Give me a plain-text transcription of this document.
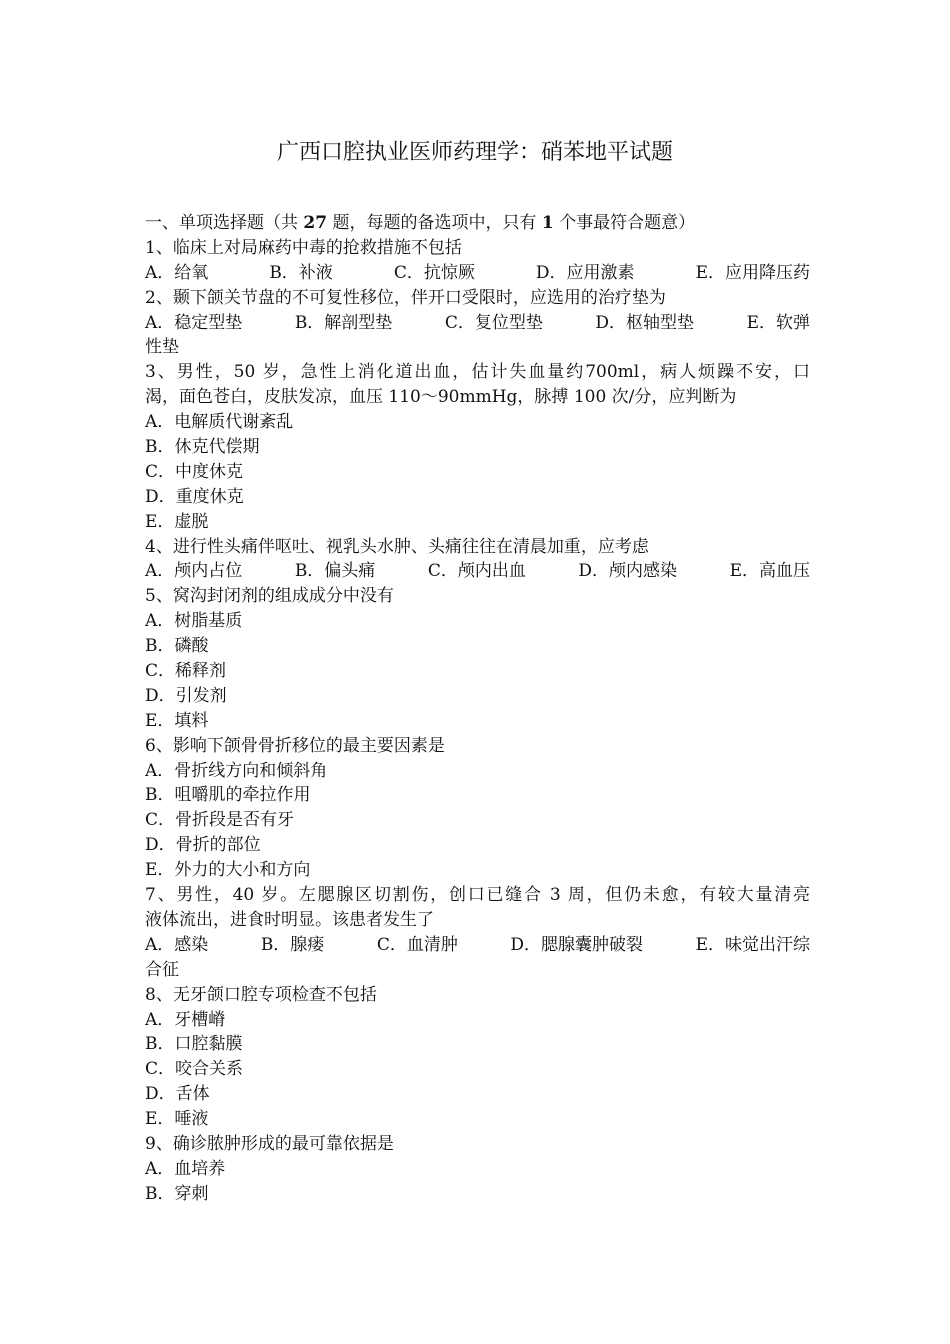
广西口腔执业医师药理学：硝苯地平试题
一、单项选择题（共 27 题，每题的备选项中，只有 1 个事最符合题意）
1、临床上对局麻药中毒的抢救措施不包括
A．给氧	B．补液	C．抗惊厥	D．应用激素	E．应用降压药
2、颞下颌关节盘的不可复性移位，伴开口受限时，应选用的治疗垫为
A．稳定型垫	B．解剖型垫	C．复位型垫	D．枢轴型垫	E．软弹
性垫
3、男性，50 岁，急性上消化道出血，估计失血量约700ml，病人烦躁不安，口
渴，面色苍白，皮肤发凉，血压 110～90mmHg，脉搏 100 次/分，应判断为
A．电解质代谢紊乱
B．休克代偿期
C．中度休克
D．重度休克
E．虚脱
4、进行性头痛伴呕吐、视乳头水肿、头痛往往在清晨加重，应考虑
A．颅内占位	B．偏头痛	C．颅内出血	D．颅内感染	E．高血压
5、窝沟封闭剂的组成成分中没有
A．树脂基质
B．磷酸
C．稀释剂
D．引发剂
E．填料
6、影响下颌骨骨折移位的最主要因素是
A．骨折线方向和倾斜角
B．咀嚼肌的牵拉作用
C．骨折段是否有牙
D．骨折的部位
E．外力的大小和方向
7、男性，40 岁。左腮腺区切割伤，创口已缝合 3 周，但仍未愈，有较大量清亮
液体流出，进食时明显。该患者发生了
A．感染	B．腺瘘	C．血清肿	D．腮腺囊肿破裂	E．味觉出汗综
合征
8、无牙颌口腔专项检查不包括
A．牙槽嵴
B．口腔黏膜
C．咬合关系
D．舌体
E．唾液
9、确诊脓肿形成的最可靠依据是
A．血培养
B．穿刺
